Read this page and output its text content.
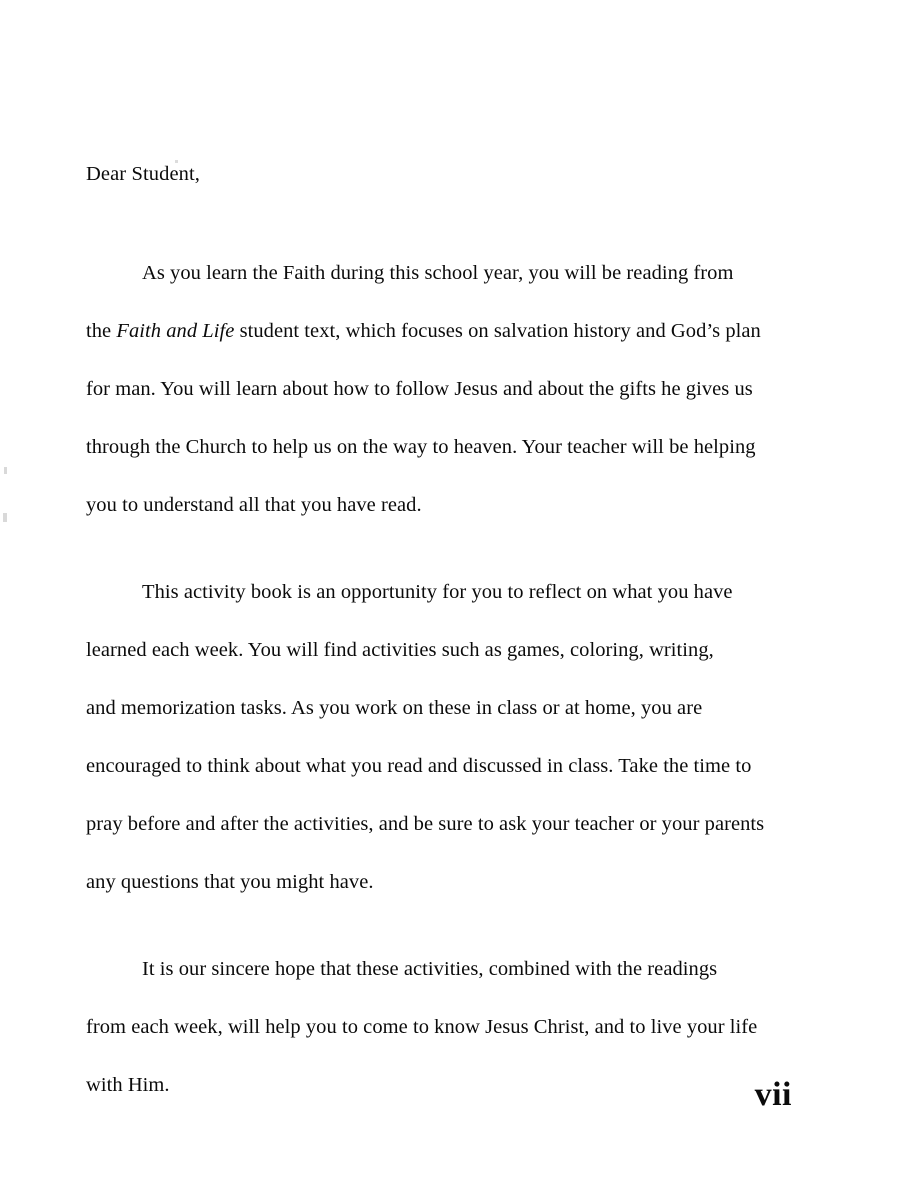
Dear Student,

As you learn the Faith during this school year, you will be reading from

the Faith and Life student text, which focuses on salvation history and God’s plan

for man. You will learn about how to follow Jesus and about the gifts he gives us

through the Church to help us on the way to heaven. Your teacher will be helping

you to understand all that you have read.

This activity book is an opportunity for you to reflect on what you have

learned each week. You will find activities such as games, coloring, writing,

and memorization tasks. As you work on these in class or at home, you are

encouraged to think about what you read and discussed in class. Take the time to

pray before and after the activities, and be sure to ask your teacher or your parents

any questions that you might have.

It is our sincere hope that these activities, combined with the readings

from each week, will help you to come to know Jesus Christ, and to live your life

with Him.	vii
